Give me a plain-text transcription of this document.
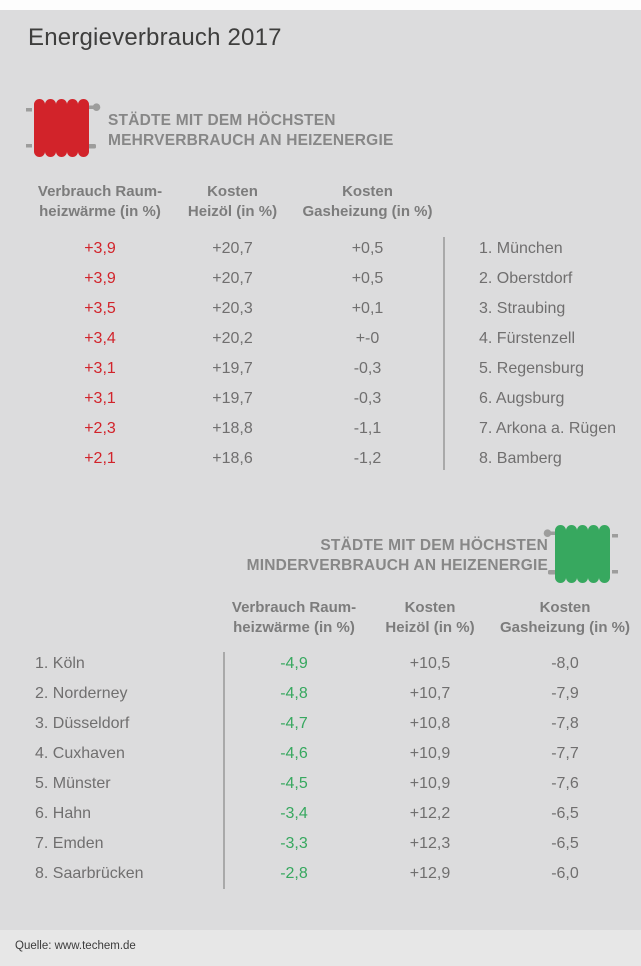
Energieverbrauch 2017
STÄDTE MIT DEM HÖCHSTEN
MEHRVERBRAUCH AN HEIZENERGIE
Verbrauch Raum-
heizwärme (in %)
Kosten
Heizöl (in %)
Kosten
Gasheizung (in %)
+3,9	+20,7	+0,5	1. München
+3,9	+20,7	+0,5	2. Oberstdorf
+3,5	+20,3	+0,1	3. Straubing
+3,4	+20,2	+-0	4. Fürstenzell
+3,1	+19,7	-0,3	5. Regensburg
+3,1	+19,7	-0,3	6. Augsburg
+2,3	+18,8	-1,1	7. Arkona a. Rügen
+2,1	+18,6	-1,2	8. Bamberg
STÄDTE MIT DEM HÖCHSTEN
MINDERVERBRAUCH AN HEIZENERGIE
Verbrauch Raum-
heizwärme (in %)
Kosten
Heizöl (in %)
Kosten
Gasheizung (in %)
1. Köln	-4,9	+10,5	-8,0
2. Norderney	-4,8	+10,7	-7,9
3. Düsseldorf	-4,7	+10,8	-7,8
4. Cuxhaven	-4,6	+10,9	-7,7
5. Münster	-4,5	+10,9	-7,6
6. Hahn	-3,4	+12,2	-6,5
7. Emden	-3,3	+12,3	-6,5
8. Saarbrücken	-2,8	+12,9	-6,0
Quelle: www.techem.de
